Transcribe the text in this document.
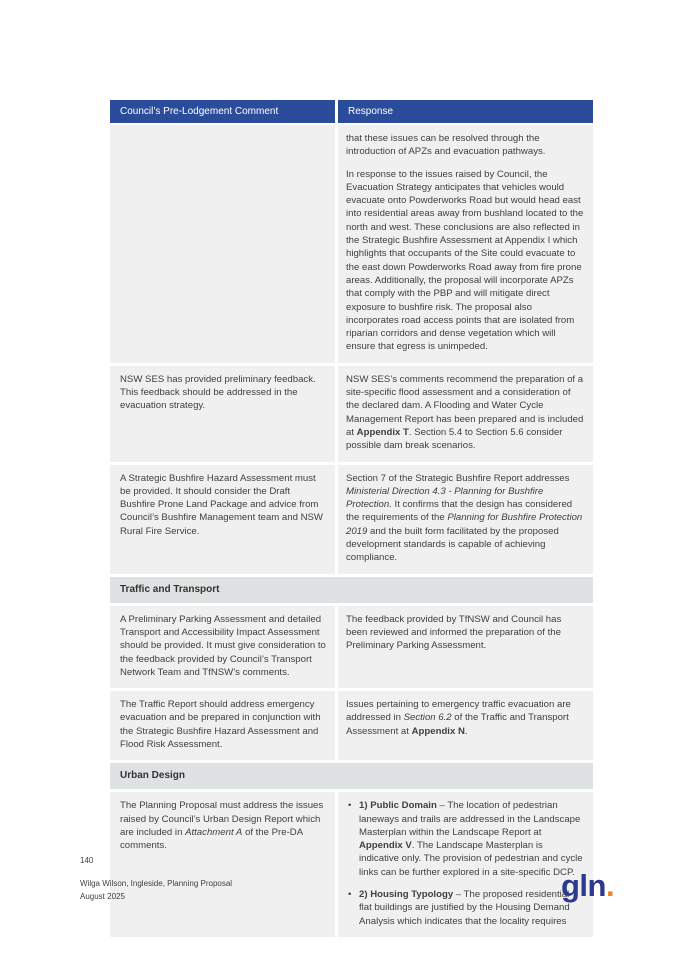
Council’s Pre-Lodgement Comment	Response
that these issues can be resolved through the introduction of APZs and evacuation pathways.
In response to the issues raised by Council, the Evacuation Strategy anticipates that vehicles would evacuate onto Powderworks Road but would head east into residential areas away from bushland located to the north and west. These conclusions are also reflected in the Strategic Bushfire Assessment at Appendix I which highlights that occupants of the Site could evacuate to the east down Powderworks Road away from fire prone areas. Additionally, the proposal will incorporate APZs that comply with the PBP and will mitigate direct exposure to bushfire risk. The proposal also incorporates road access points that are isolated from riparian corridors and dense vegetation which will ensure that egress is unimpeded.
NSW SES has provided preliminary feedback. This feedback should be addressed in the evacuation strategy.
NSW SES’s comments recommend the preparation of a site-specific flood assessment and a consideration of the declared dam. A Flooding and Water Cycle Management Report has been prepared and is included at Appendix T. Section 5.4 to Section 5.6 consider possible dam break scenarios.
A Strategic Bushfire Hazard Assessment must be provided. It should consider the Draft Bushfire Prone Land Package and advice from Council’s Bushfire Management team and NSW Rural Fire Service.
Section 7 of the Strategic Bushfire Report addresses Ministerial Direction 4.3 - Planning for Bushfire Protection. It confirms that the design has considered the requirements of the Planning for Bushfire Protection 2019 and the built form facilitated by the proposed development standards is capable of achieving compliance.
Traffic and Transport
A Preliminary Parking Assessment and detailed Transport and Accessibility Impact Assessment should be provided. It must give consideration to the feedback provided by Council’s Transport Network Team and TfNSW’s comments.
The feedback provided by TfNSW and Council has been reviewed and informed the preparation of the Preliminary Parking Assessment.
The Traffic Report should address emergency evacuation and be prepared in conjunction with the Strategic Bushfire Hazard Assessment and Flood Risk Assessment.
Issues pertaining to emergency traffic evacuation are addressed in Section 6.2 of the Traffic and Transport Assessment at Appendix N.
Urban Design
The Planning Proposal must address the issues raised by Council’s Urban Design Report which are included in Attachment A of the Pre-DA comments.
• 1) Public Domain – The location of pedestrian laneways and trails are addressed in the Landscape Masterplan within the Landscape Report at Appendix V. The Landscape Masterplan is indicative only. The provision of pedestrian and cycle links can be further explored in a site-specific DCP.
• 2) Housing Typology – The proposed residential flat buildings are justified by the Housing Demand Analysis which indicates that the locality requires
140
Wilga Wilson, Ingleside, Planning Proposal
August 2025	gln.
